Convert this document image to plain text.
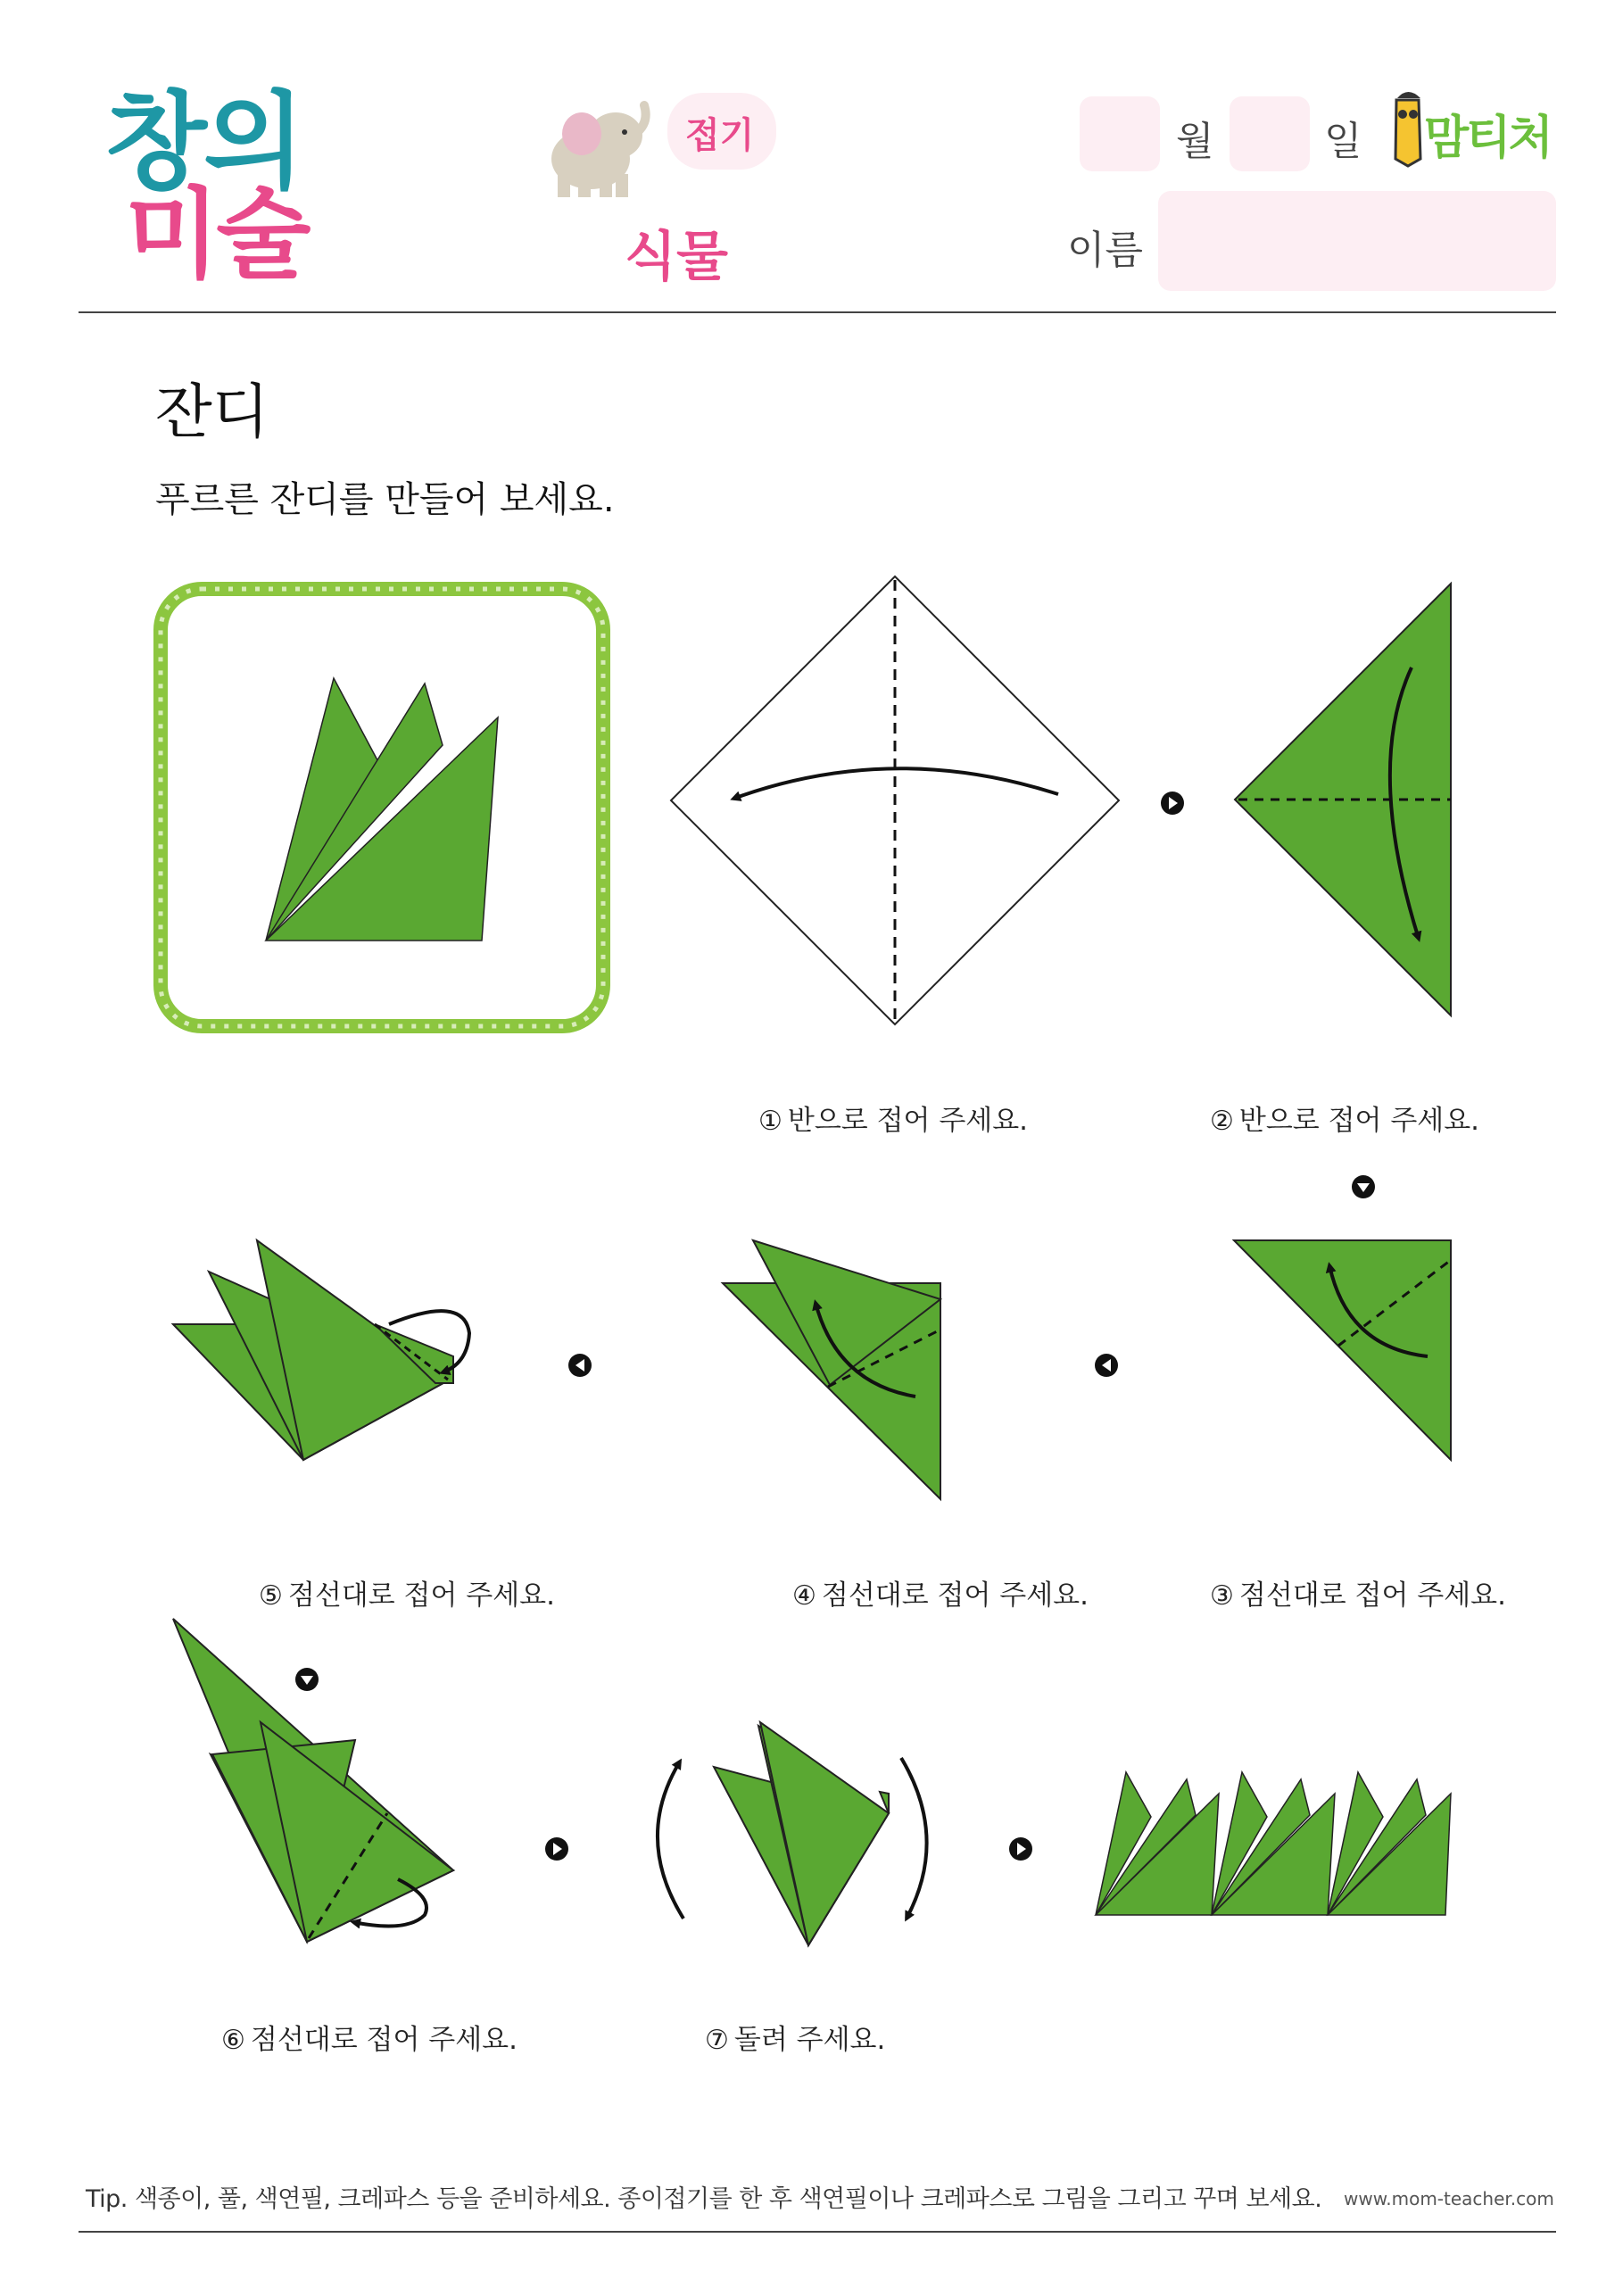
창의
미술
접기
식물
월	일 맘티처
이름
잔디
푸르른 잔디를 만들어 보세요.
① 반으로 접어 주세요.	② 반으로 접어 주세요.
③ 점선대로 접어 주세요.
④ 점선대로 접어 주세요.
⑤ 점선대로 접어 주세요.
⑥ 점선대로 접어 주세요.	⑦ 돌려 주세요.
Tip. 색종이, 풀, 색연필, 크레파스 등을 준비하세요. 종이접기를 한 후 색연필이나 크레파스로 그림을 그리고 꾸며 보세요. www.mom-teacher.com
